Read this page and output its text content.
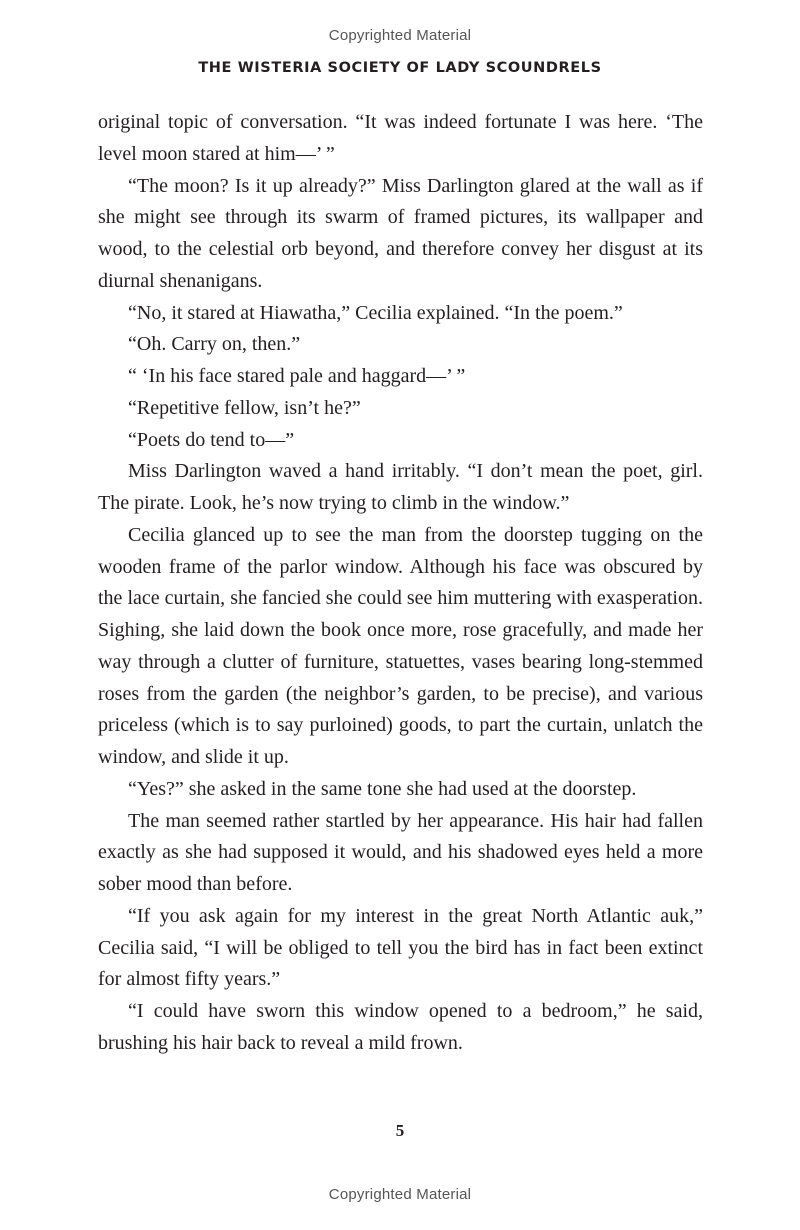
Copyrighted Material
THE WISTERIA SOCIETY OF LADY SCOUNDRELS

original topic of conversation. “It was indeed fortunate I was here. ‘The level moon stared at him—’ ”

“The moon? Is it up already?” Miss Darlington glared at the wall as if she might see through its swarm of framed pictures, its wallpaper and wood, to the celestial orb beyond, and therefore convey her disgust at its diurnal shenanigans.

“No, it stared at Hiawatha,” Cecilia explained. “In the poem.”

“Oh. Carry on, then.”

“ ‘In his face stared pale and haggard—’ ”

“Repetitive fellow, isn’t he?”

“Poets do tend to—”

Miss Darlington waved a hand irritably. “I don’t mean the poet, girl. The pirate. Look, he’s now trying to climb in the window.”

Cecilia glanced up to see the man from the doorstep tugging on the wooden frame of the parlor window. Although his face was obscured by the lace curtain, she fancied she could see him muttering with exasperation. Sighing, she laid down the book once more, rose gracefully, and made her way through a clutter of furniture, statuettes, vases bearing long-stemmed roses from the garden (the neighbor’s garden, to be precise), and various priceless (which is to say purloined) goods, to part the curtain, unlatch the window, and slide it up.

“Yes?” she asked in the same tone she had used at the doorstep.

The man seemed rather startled by her appearance. His hair had fallen exactly as she had supposed it would, and his shadowed eyes held a more sober mood than before.

“If you ask again for my interest in the great North Atlantic auk,” Cecilia said, “I will be obliged to tell you the bird has in fact been extinct for almost fifty years.”

“I could have sworn this window opened to a bedroom,” he said, brushing his hair back to reveal a mild frown.

5
Copyrighted Material
